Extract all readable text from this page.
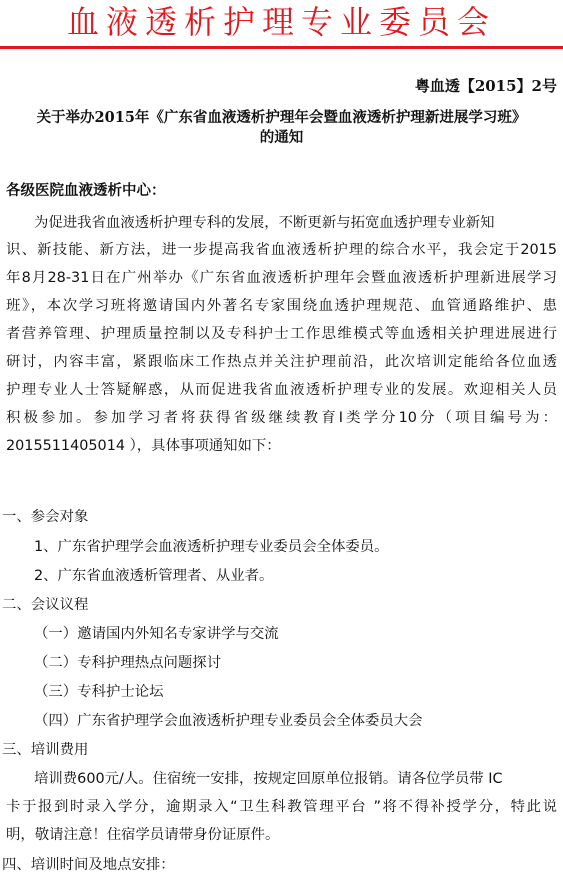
血液透析护理专业委员会
粤血透【2015】2号
关于举办2015年《广东省血液透析护理年会暨血液透析护理新进展学习班》
的通知
各级医院血液透析中心：
为促进我省血液透析护理专科的发展，不断更新与拓宽血透护理专业新知
识、新技能、新方法，进一步提高我省血液透析护理的综合水平，我会定于2015
年8月28-31日在广州举办《广东省血液透析护理年会暨血液透析护理新进展学习
班》，本次学习班将邀请国内外著名专家围绕血透护理规范、血管通路维护、患
者营养管理、护理质量控制以及专科护士工作思维模式等血透相关护理进展进行
研讨，内容丰富，紧跟临床工作热点并关注护理前沿，此次培训定能给各位血透
护理专业人士答疑解惑，从而促进我省血液透析护理专业的发展。欢迎相关人员
积极参加。参加学习者将获得省级继续教育Ⅰ类学分10分（项目编号为：
2015511405014 ），具体事项通知如下：
一、参会对象
1、广东省护理学会血液透析护理专业委员会全体委员。
2、广东省血液透析管理者、从业者。
二、会议议程
（一）邀请国内外知名专家讲学与交流
（二）专科护理热点问题探讨
（三）专科护士论坛
（四）广东省护理学会血液透析护理专业委员会全体委员大会
三、培训费用
培训费600元/人。住宿统一安排，按规定回原单位报销。请各位学员带 IC
卡于报到时录入学分，逾期录入“卫生科教管理平台 ”将不得补授学分，特此说
明，敬请注意！住宿学员请带身份证原件。
四、培训时间及地点安排：
